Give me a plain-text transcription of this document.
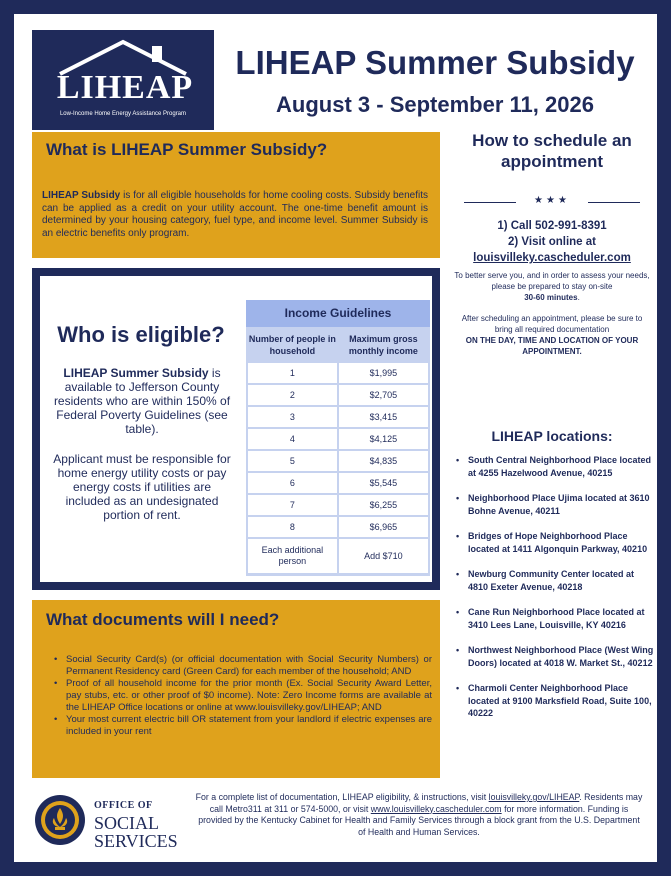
LIHEAP
Low-Income Home Energy Assistance Program
LIHEAP Summer Subsidy
August 3 - September 11, 2026
What is LIHEAP Summer Subsidy?

LIHEAP Subsidy is for all eligible households for home cooling costs. Subsidy benefits can be applied as a credit on your utility account. The one-time benefit amount is determined by your housing category, fuel type, and income level. Summer Subsidy is an electric benefits only program.

Who is eligible?
LIHEAP Summer Subsidy is available to Jefferson County residents who are within 150% of Federal Poverty Guidelines (see table).
Applicant must be responsible for home energy utility costs or pay energy costs if utilities are included as an undesignated portion of rent.
Income Guidelines
Number of people in household	Maximum gross monthly income
1	$1,995
2	$2,705
3	$3,415
4	$4,125
5	$4,835
6	$5,545
7	$6,255
8	$6,965
Each additional person	Add $710
What documents will I need?
• Social Security Card(s) (or official documentation with Social Security Numbers) or Permanent Residency card (Green Card) for each member of the household; AND
• Proof of all household income for the prior month (Ex. Social Security Award Letter, pay stubs, etc. or other proof of $0 income). Note: Zero Income forms are available at the LIHEAP Office locations or online at www.louisvilleky.gov/LIHEAP; AND
• Your most current electric bill OR statement from your landlord if electric expenses are included in your rent
How to schedule an appointment
★★★
1) Call 502-991-8391
2) Visit online at
louisvilleky.cascheduler.com
To better serve you, and in order to assess your needs, please be prepared to stay on-site
30-60 minutes.
After scheduling an appointment, please be sure to bring all required documentation
ON THE DAY, TIME AND LOCATION OF YOUR APPOINTMENT.
LIHEAP locations:
• South Central Neighborhood Place located at 4255 Hazelwood Avenue, 40215
• Neighborhood Place Ujima located at 3610 Bohne Avenue, 40211
• Bridges of Hope Neighborhood Place located at 1411 Algonquin Parkway, 40210
• Newburg Community Center located at 4810 Exeter Avenue, 40218
• Cane Run Neighborhood Place located at 3410 Lees Lane, Louisville, KY 40216
• Northwest Neighborhood Place (West Wing Doors) located at 4018 W. Market St., 40212
• Charmoli Center Neighborhood Place located at 9100 Marksfield Road, Suite 100, 40222
OFFICE OF
SOCIAL SERVICES
For a complete list of documentation, LIHEAP eligibility, & instructions, visit louisvilleky.gov/LIHEAP. Residents may call Metro311 at 311 or 574-5000, or visit www.louisvilleky.cascheduler.com for more information. Funding is provided by the Kentucky Cabinet for Health and Family Services through a block grant from the U.S. Department of Health and Human Services.
